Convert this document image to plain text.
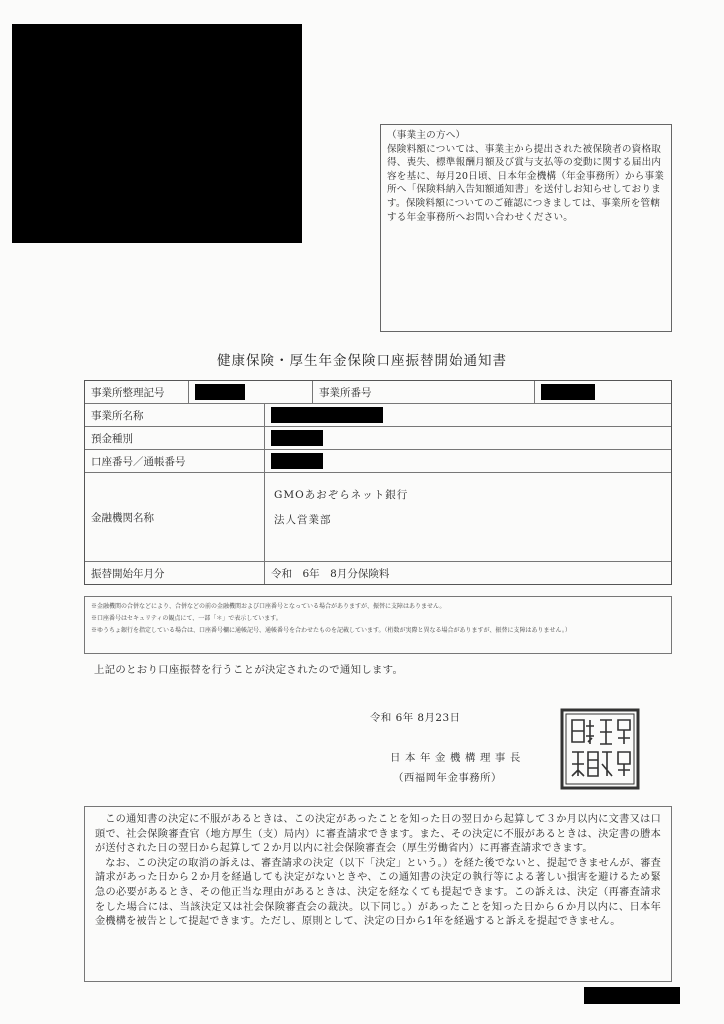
（事業主の方へ）
保険料額については、事業主から提出された被保険者の資格取得、喪失、標準報酬月額及び賞与支払等の変動に関する届出内容を基に、毎月20日頃、日本年金機構（年金事務所）から事業所へ「保険料納入告知額通知書」を送付しお知らせしております。保険料額についてのご確認につきましては、事業所を管轄する年金事務所へお問い合わせください。
健康保険・厚生年金保険口座振替開始通知書
事業所整理記号	事業所番号
事業所名称
預金種別
口座番号／通帳番号
金融機関名称
GMOあおぞらネット銀行
法人営業部
振替開始年月分	令和　6年　8月分保険料
※金融機関の合併などにより、合併などの前の金融機関および口座番号となっている場合がありますが、振替に支障はありません。
※口座番号はセキュリティの観点にて、一部「＊」で表示しています。
※ゆうちょ銀行を指定している場合は、口座番号欄に通帳記号、通帳番号を合わせたものを記載しています。（桁数が実際と異なる場合がありますが、振替に支障はありません。）
上記のとおり口座振替を行うことが決定されたので通知します。
令和 6年 8月23日
日本年金機構理事長
（西福岡年金事務所）

この通知書の決定に不服があるときは、この決定があったことを知った日の翌日から起算して３か月以内に文書又は口頭で、社会保険審査官（地方厚生（支）局内）に審査請求できます。また、その決定に不服があるときは、決定書の謄本が送付された日の翌日から起算して２か月以内に社会保険審査会（厚生労働省内）に再審査請求できます。

なお、この決定の取消の訴えは、審査請求の決定（以下「決定」という。）を経た後でないと、提起できませんが、審査請求があった日から２か月を経過しても決定がないときや、この通知書の決定の執行等による著しい損害を避けるため緊急の必要があるとき、その他正当な理由があるときは、決定を経なくても提起できます。この訴えは、決定（再審査請求をした場合には、当該決定又は社会保険審査会の裁決。以下同じ。）があったことを知った日から６か月以内に、日本年金機構を被告として提起できます。ただし、原則として、決定の日から1年を経過すると訴えを提起できません。
